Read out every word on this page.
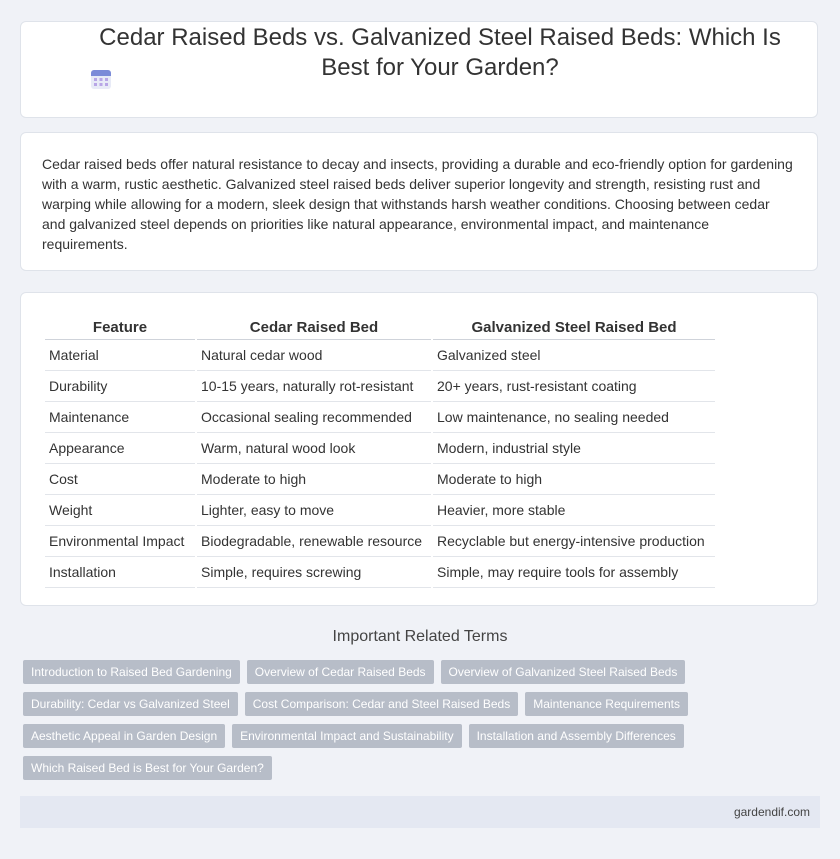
Cedar Raised Beds vs. Galvanized Steel Raised Beds: Which Is Best for Your Garden?
Cedar raised beds offer natural resistance to decay and insects, providing a durable and eco-friendly option for gardening with a warm, rustic aesthetic. Galvanized steel raised beds deliver superior longevity and strength, resisting rust and warping while allowing for a modern, sleek design that withstands harsh weather conditions. Choosing between cedar and galvanized steel depends on priorities like natural appearance, environmental impact, and maintenance requirements.
Feature	Cedar Raised Bed	Galvanized Steel Raised Bed
Material	Natural cedar wood	Galvanized steel
Durability	10-15 years, naturally rot-resistant	20+ years, rust-resistant coating
Maintenance	Occasional sealing recommended	Low maintenance, no sealing needed
Appearance	Warm, natural wood look	Modern, industrial style
Cost	Moderate to high	Moderate to high
Weight	Lighter, easy to move	Heavier, more stable
Environmental Impact	Biodegradable, renewable resource	Recyclable but energy-intensive production
Installation	Simple, requires screwing	Simple, may require tools for assembly
Important Related Terms
Introduction to Raised Bed Gardening	Overview of Cedar Raised Beds	Overview of Galvanized Steel Raised Beds
Durability: Cedar vs Galvanized Steel	Cost Comparison: Cedar and Steel Raised Beds	Maintenance Requirements
Aesthetic Appeal in Garden Design	Environmental Impact and Sustainability	Installation and Assembly Differences
Which Raised Bed is Best for Your Garden?
gardendif.com
